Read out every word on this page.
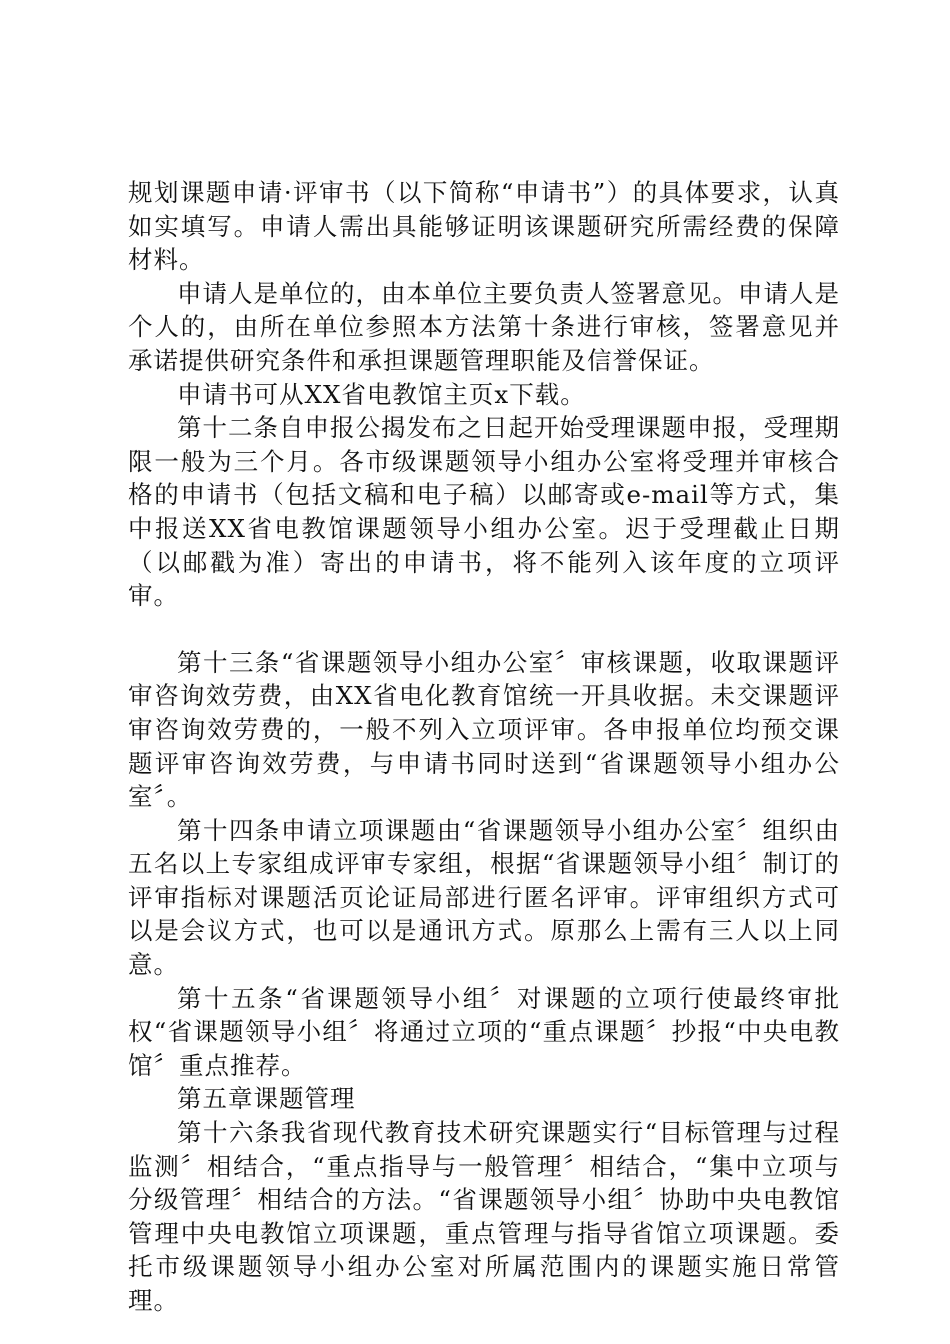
规划课题申请·评审书（以下简称“申请书”）的具体要求，认真如实填写。申请人需出具能够证明该课题研究所需经费的保障材料。

申请人是单位的，由本单位主要负责人签署意见。申请人是个人的，由所在单位参照本方法第十条进行审核，签署意见并承诺提供研究条件和承担课题管理职能及信誉保证。

申请书可从XX省电教馆主页x下载。

第十二条自申报公揭发布之日起开始受理课题申报，受理期限一般为三个月。各市级课题领导小组办公室将受理并审核合格的申请书（包括文稿和电子稿）以邮寄或e-mail等方式，集中报送XX省电教馆课题领导小组办公室。迟于受理截止日期（以邮戳为准）寄出的申请书，将不能列入该年度的立项评审。

第十三条“省课题领导小组办公室〞审核课题，收取课题评审咨询效劳费，由XX省电化教育馆统一开具收据。未交课题评审咨询效劳费的，一般不列入立项评审。各申报单位均预交课题评审咨询效劳费，与申请书同时送到“省课题领导小组办公室〞。

第十四条申请立项课题由“省课题领导小组办公室〞组织由五名以上专家组成评审专家组，根据“省课题领导小组〞制订的评审指标对课题活页论证局部进行匿名评审。评审组织方式可以是会议方式，也可以是通讯方式。原那么上需有三人以上同意。

第十五条“省课题领导小组〞对课题的立项行使最终审批权“省课题领导小组〞将通过立项的“重点课题〞抄报“中央电教馆〞重点推荐。

第五章课题管理

第十六条我省现代教育技术研究课题实行“目标管理与过程监测〞相结合，“重点指导与一般管理〞相结合，“集中立项与分级管理〞相结合的方法。“省课题领导小组〞协助中央电教馆管理中央电教馆立项课题，重点管理与指导省馆立项课题。委托市级课题领导小组办公室对所属范围内的课题实施日常管理。
